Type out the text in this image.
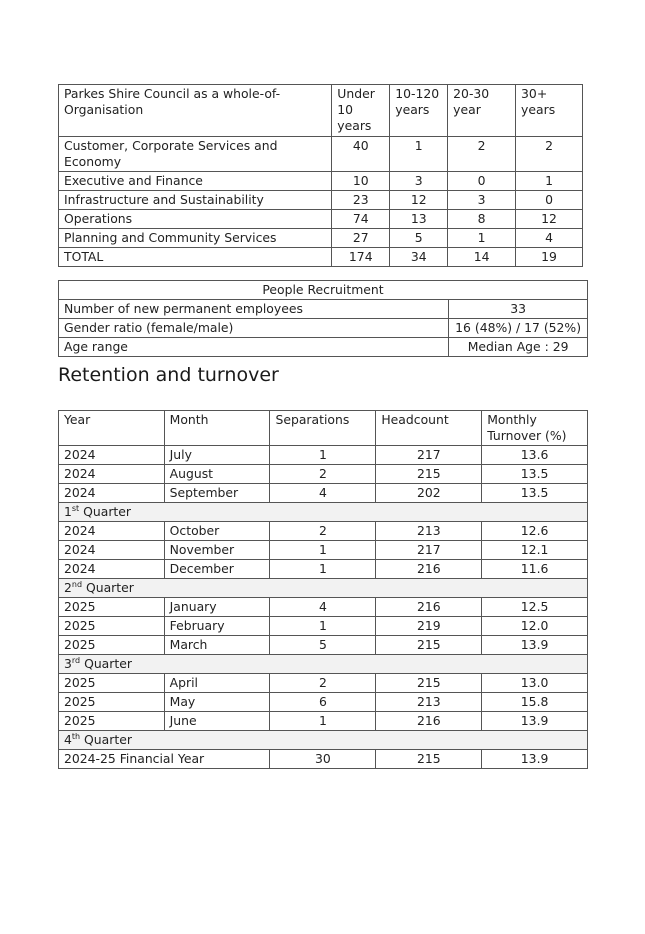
Parkes Shire Council as a whole-of-Organisation	Under 10 years	10-120 years	20-30 year	30+ years
Customer, Corporate Services and Economy	40	1	2	2
Executive and Finance	10	3	0	1
Infrastructure and Sustainability	23	12	3	0
Operations	74	13	8	12
Planning and Community Services	27	5	1	4
TOTAL	174	34	14	19
People Recruitment	
Number of new permanent employees	33
Gender ratio (female/male)	16 (48%) / 17 (52%)
Age range	Median Age : 29
Retention and turnover
Year	Month	Separations	Headcount	Monthly Turnover (%)
2024	July	1	217	13.6
2024	August	2	215	13.5
2024	September	4	202	13.5
1st Quarter				
2024	October	2	213	12.6
2024	November	1	217	12.1
2024	December	1	216	11.6
2nd Quarter				
2025	January	4	216	12.5
2025	February	1	219	12.0
2025	March	5	215	13.9
3rd Quarter				
2025	April	2	215	13.0
2025	May	6	213	15.8
2025	June	1	216	13.9
4th Quarter				
2024-25 Financial Year		30	215	13.9
